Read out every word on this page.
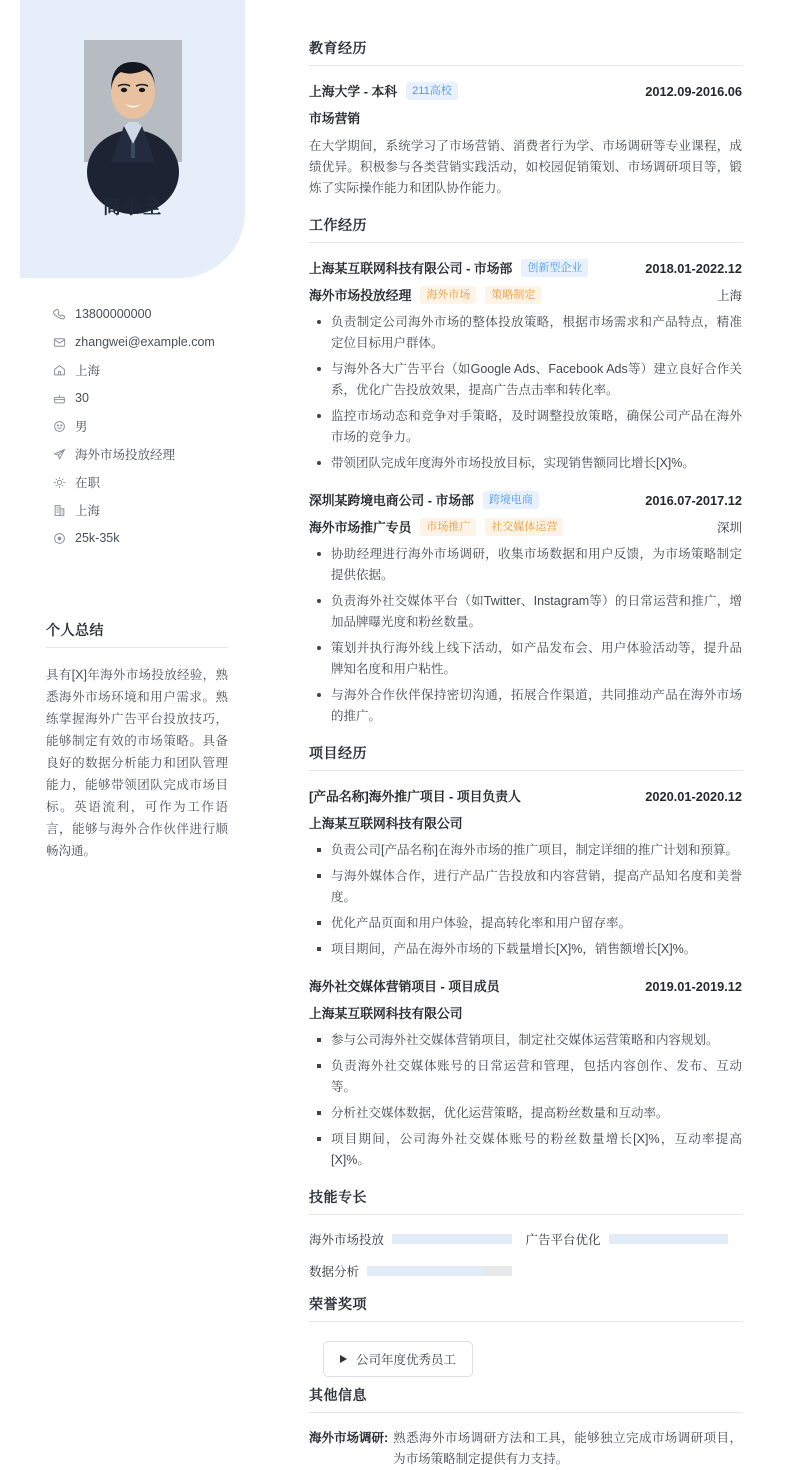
简小全
13800000000
zhangwei@example.com
上海
30
男
海外市场投放经理
在职
上海
25k-35k
个人总结
具有[X]年海外市场投放经验，熟悉海外市场环境和用户需求。熟练掌握海外广告平台投放技巧，能够制定有效的市场策略。具备良好的数据分析能力和团队管理能力，能够带领团队完成市场目标。英语流利，可作为工作语言，能够与海外合作伙伴进行顺畅沟通。
教育经历
上海大学 - 本科	211高校	2012.09-2016.06
市场营销
在大学期间，系统学习了市场营销、消费者行为学、市场调研等专业课程，成绩优异。积极参与各类营销实践活动，如校园促销策划、市场调研项目等，锻炼了实际操作能力和团队协作能力。
工作经历
上海某互联网科技有限公司 - 市场部	创新型企业	2018.01-2022.12
海外市场投放经理	海外市场	策略制定	上海
负责制定公司海外市场的整体投放策略，根据市场需求和产品特点，精准定位目标用户群体。
与海外各大广告平台（如Google Ads、Facebook Ads等）建立良好合作关系，优化广告投放效果，提高广告点击率和转化率。
监控市场动态和竞争对手策略，及时调整投放策略，确保公司产品在海外市场的竞争力。
带领团队完成年度海外市场投放目标，实现销售额同比增长[X]%。
深圳某跨境电商公司 - 市场部	跨境电商	2016.07-2017.12
海外市场推广专员	市场推广	社交媒体运营	深圳
协助经理进行海外市场调研，收集市场数据和用户反馈，为市场策略制定提供依据。
负责海外社交媒体平台（如Twitter、Instagram等）的日常运营和推广，增加品牌曝光度和粉丝数量。
策划并执行海外线上线下活动，如产品发布会、用户体验活动等，提升品牌知名度和用户粘性。
与海外合作伙伴保持密切沟通，拓展合作渠道，共同推动产品在海外市场的推广。
项目经历
[产品名称]海外推广项目 - 项目负责人	2020.01-2020.12
上海某互联网科技有限公司
负责公司[产品名称]在海外市场的推广项目，制定详细的推广计划和预算。
与海外媒体合作，进行产品广告投放和内容营销，提高产品知名度和美誉度。
优化产品页面和用户体验，提高转化率和用户留存率。
项目期间，产品在海外市场的下载量增长[X]%，销售额增长[X]%。
海外社交媒体营销项目 - 项目成员	2019.01-2019.12
上海某互联网科技有限公司
参与公司海外社交媒体营销项目，制定社交媒体运营策略和内容规划。
负责海外社交媒体账号的日常运营和管理，包括内容创作、发布、互动等。
分析社交媒体数据，优化运营策略，提高粉丝数量和互动率。
项目期间，公司海外社交媒体账号的粉丝数量增长[X]%，互动率提高[X]%。
技能专长
海外市场投放	广告平台优化
数据分析
荣誉奖项
公司年度优秀员工
其他信息
海外市场调研: 熟悉海外市场调研方法和工具，能够独立完成市场调研项目，为市场策略制定提供有力支持。
